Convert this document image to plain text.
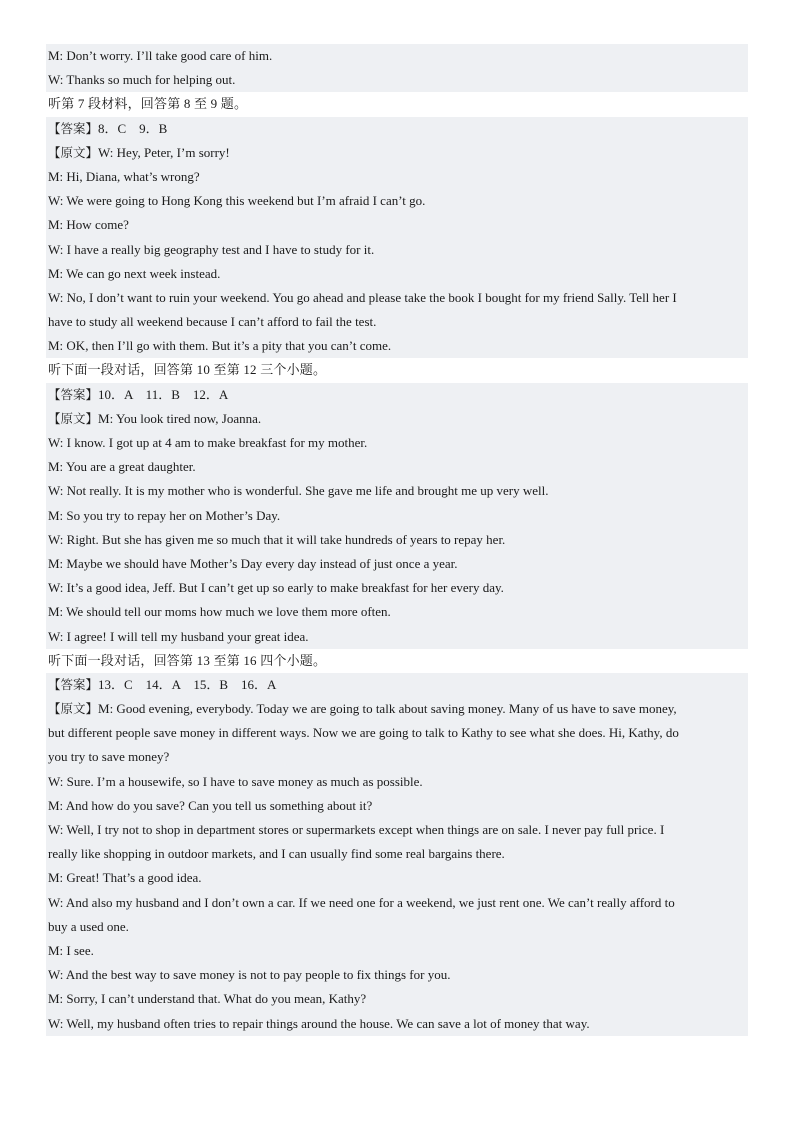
M: Don’t worry. I’ll take good care of him.
W: Thanks so much for helping out.
听第 7 段材料，回答第 8 至 9 题。
【答案】8．C　9．B
【原文】W: Hey, Peter, I’m sorry!
M: Hi, Diana, what’s wrong?
W: We were going to Hong Kong this weekend but I’m afraid I can’t go.
M: How come?
W: I have a really big geography test and I have to study for it.
M: We can go next week instead.
W: No, I don’t want to ruin your weekend. You go ahead and please take the book I bought for my friend Sally. Tell her I
have to study all weekend because I can’t afford to fail the test.
M: OK, then I’ll go with them. But it’s a pity that you can’t come.
听下面一段对话，回答第 10 至第 12 三个小题。
【答案】10．A　11．B　12．A
【原文】M: You look tired now, Joanna.
W: I know. I got up at 4 am to make breakfast for my mother.
M: You are a great daughter.
W: Not really. It is my mother who is wonderful. She gave me life and brought me up very well.
M: So you try to repay her on Mother’s Day.
W: Right. But she has given me so much that it will take hundreds of years to repay her.
M: Maybe we should have Mother’s Day every day instead of just once a year.
W: It’s a good idea, Jeff. But I can’t get up so early to make breakfast for her every day.
M: We should tell our moms how much we love them more often.
W: I agree! I will tell my husband your great idea.
听下面一段对话，回答第 13 至第 16 四个小题。
【答案】13．C　14．A　15．B　16．A
【原文】M: Good evening, everybody. Today we are going to talk about saving money. Many of us have to save money,
but different people save money in different ways. Now we are going to talk to Kathy to see what she does. Hi, Kathy, do
you try to save money?
W: Sure. I’m a housewife, so I have to save money as much as possible.
M: And how do you save? Can you tell us something about it?
W: Well, I try not to shop in department stores or supermarkets except when things are on sale. I never pay full price. I
really like shopping in outdoor markets, and I can usually find some real bargains there.
M: Great! That’s a good idea.
W: And also my husband and I don’t own a car. If we need one for a weekend, we just rent one. We can’t really afford to
buy a used one.
M: I see.
W: And the best way to save money is not to pay people to fix things for you.
M: Sorry, I can’t understand that. What do you mean, Kathy?
W: Well, my husband often tries to repair things around the house. We can save a lot of money that way.
